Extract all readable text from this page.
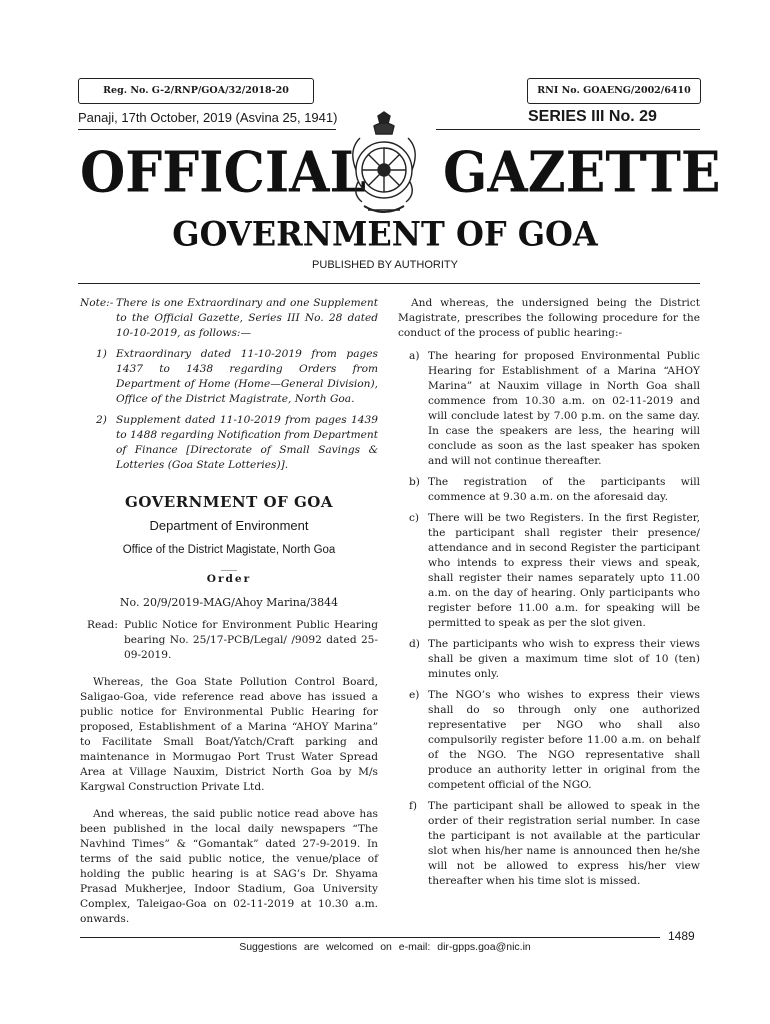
Reg. No. G-2/RNP/GOA/32/2018-20	RNI No. GOAENG/2002/6410
Panaji, 17th October, 2019 (Asvina 25, 1941)	SERIES III No. 29
OFFICIAL GAZETTE
GOVERNMENT OF GOA
PUBLISHED BY AUTHORITY
Note:- There is one Extraordinary and one Supplement to the Official Gazette, Series III No. 28 dated 10-10-2019, as follows:—
1) Extraordinary dated 11-10-2019 from pages 1437 to 1438 regarding Orders from Department of Home (Home—General Division), Office of the District Magistrate, North Goa.
2) Supplement dated 11-10-2019 from pages 1439 to 1488 regarding Notification from Department of Finance [Directorate of Small Savings & Lotteries (Goa State Lotteries)].
GOVERNMENT OF GOA
Department of Environment
Office of the District Magistate, North Goa
___
Order
No. 20/9/2019-MAG/Ahoy Marina/3844
Read: Public Notice for Environment Public Hearing bearing No. 25/17-PCB/Legal/ /9092 dated 25-09-2019.

Whereas, the Goa State Pollution Control Board, Saligao-Goa, vide reference read above has issued a public notice for Environmental Public Hearing for proposed, Establishment of a Marina “AHOY Marina” to Facilitate Small Boat/Yatch/Craft parking and maintenance in Mormugao Port Trust Water Spread Area at Village Nauxim, District North Goa by M/s Kargwal Construction Private Ltd.

And whereas, the said public notice read above has been published in the local daily newspapers “The Navhind Times” & “Gomantak” dated 27-9-2019. In terms of the said public notice, the venue/place of holding the public hearing is at SAG’s Dr. Shyama Prasad Mukherjee, Indoor Stadium, Goa University Complex, Taleigao-Goa on 02-11-2019 at 10.30 a.m. onwards.

And whereas, the undersigned being the District Magistrate, prescribes the following procedure for the conduct of the process of public hearing:-

a) The hearing for proposed Environmental Public Hearing for Establishment of a Marina “AHOY Marina” at Nauxim village in North Goa shall commence from 10.30 a.m. on 02-11-2019 and will conclude latest by 7.00 p.m. on the same day. In case the speakers are less, the hearing will conclude as soon as the last speaker has spoken and will not continue thereafter.
b) The registration of the participants will commence at 9.30 a.m. on the aforesaid day.
c) There will be two Registers. In the first Register, the participant shall register their presence/ attendance and in second Register the participant who intends to express their views and speak, shall register their names separately upto 11.00 a.m. on the day of hearing. Only participants who register before 11.00 a.m. for speaking will be permitted to speak as per the slot given.
d) The participants who wish to express their views shall be given a maximum time slot of 10 (ten) minutes only.
e) The NGO’s who wishes to express their views shall do so through only one authorized representative per NGO who shall also compulsorily register before 11.00 a.m. on behalf of the NGO. The NGO representative shall produce an authority letter in original from the competent official of the NGO.
f)	The participant shall be allowed to speak in the order of their registration serial number. In case the participant is not available at the particular slot when his/her name is announced then he/she will not be allowed to express his/her view thereafter when his time slot is missed.
1489
Suggestions are welcomed on e-mail: dir-gpps.goa@nic.in
